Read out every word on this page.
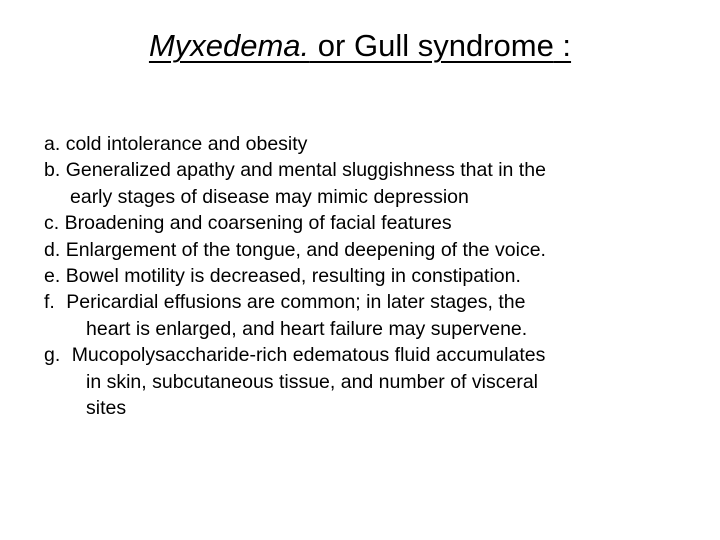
Myxedema. or Gull syndrome :
a. cold intolerance and obesity
b. Generalized apathy and mental sluggishness that in the
early stages of disease may mimic depression
c. Broadening and coarsening of facial features
d. Enlargement of the tongue, and deepening of the voice.
e. Bowel motility is decreased, resulting in constipation.
f. Pericardial effusions are common; in later stages, the
heart is enlarged, and heart failure may supervene.
g. Mucopolysaccharide-rich edematous fluid accumulates
in skin, subcutaneous tissue, and number of visceral
sites
